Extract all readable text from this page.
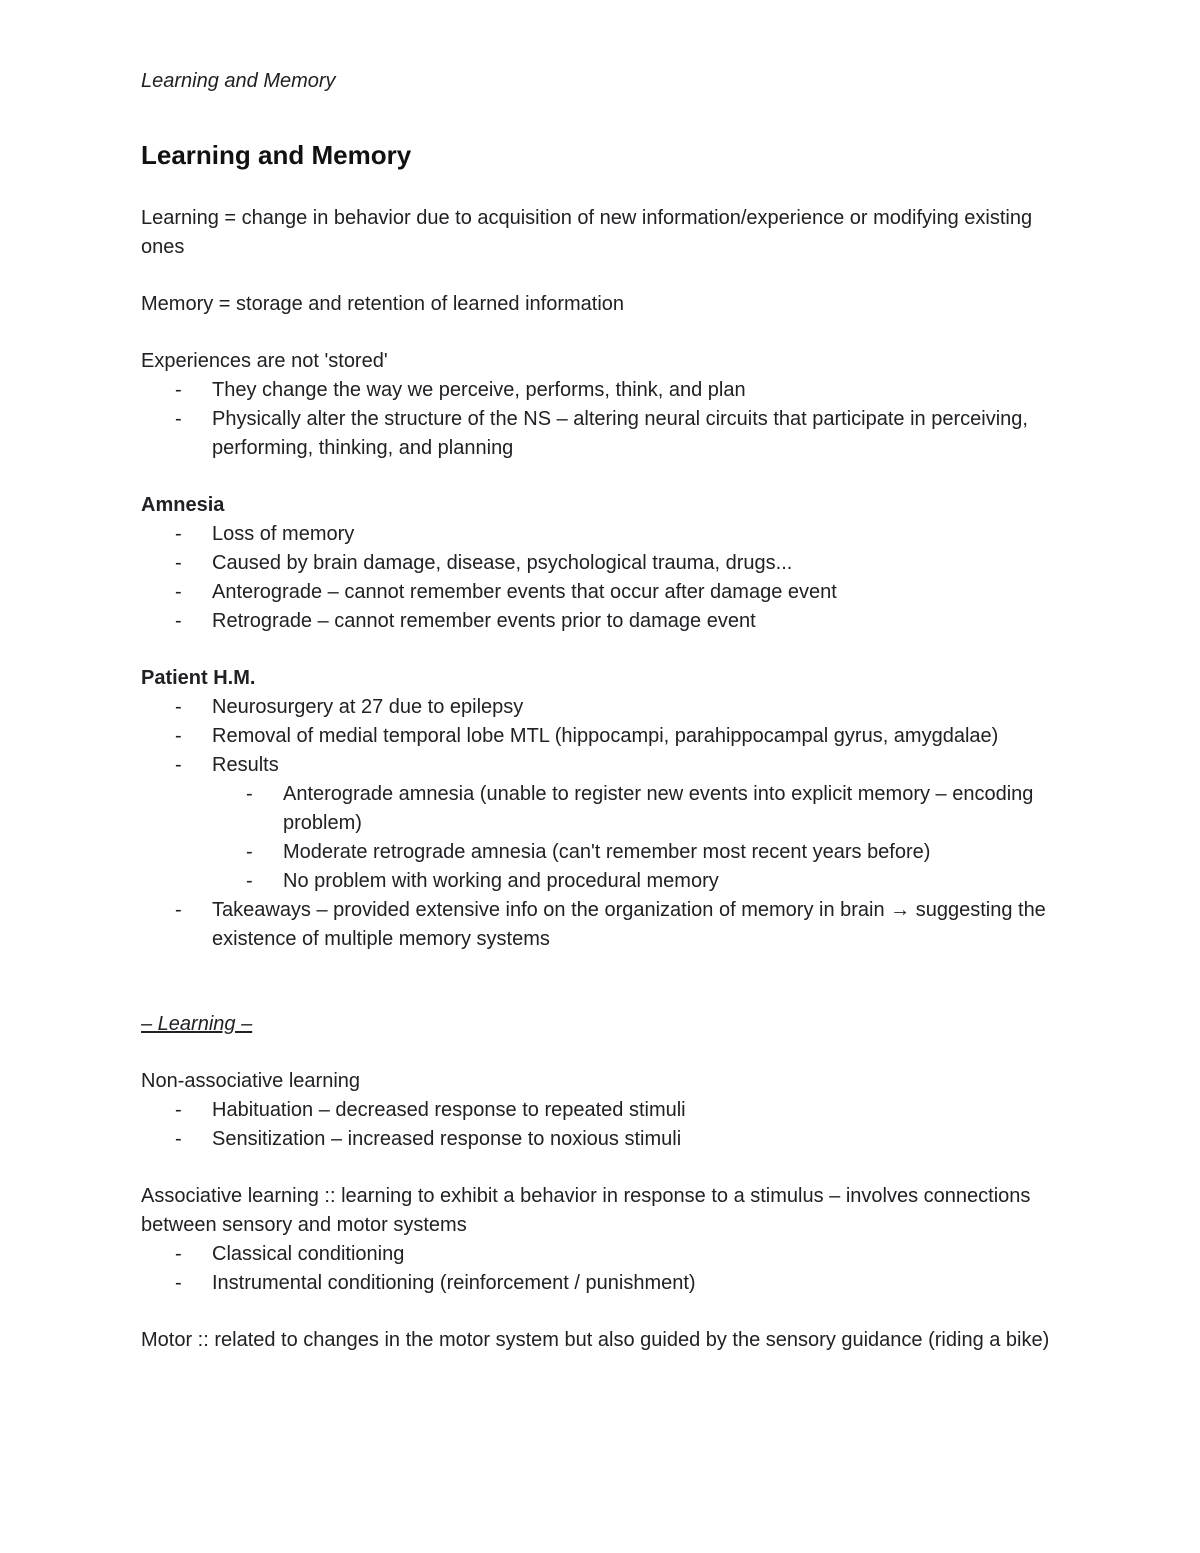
Learning and Memory
Learning and Memory

Learning = change in behavior due to acquisition of new information/experience or modifying existing ones

Memory = storage and retention of learned information

Experiences are not 'stored'

- They change the way we perceive, performs, think, and plan
- Physically alter the structure of the NS – altering neural circuits that participate in perceiving, performing, thinking, and planning

Amnesia

- Loss of memory
- Caused by brain damage, disease, psychological trauma, drugs...
- Anterograde – cannot remember events that occur after damage event
- Retrograde – cannot remember events prior to damage event

Patient H.M.

- Neurosurgery at 27 due to epilepsy
- Removal of medial temporal lobe MTL (hippocampi, parahippocampal gyrus, amygdalae)
- Results
- Anterograde amnesia (unable to register new events into explicit memory – encoding problem)
- Moderate retrograde amnesia (can't remember most recent years before)
- No problem with working and procedural memory
- Takeaways – provided extensive info on the organization of memory in brain → suggesting the existence of multiple memory systems

– Learning –

Non-associative learning

- Habituation – decreased response to repeated stimuli
- Sensitization – increased response to noxious stimuli

Associative learning :: learning to exhibit a behavior in response to a stimulus – involves connections between sensory and motor systems

- Classical conditioning
- Instrumental conditioning (reinforcement / punishment)

Motor :: related to changes in the motor system but also guided by the sensory guidance (riding a bike)
